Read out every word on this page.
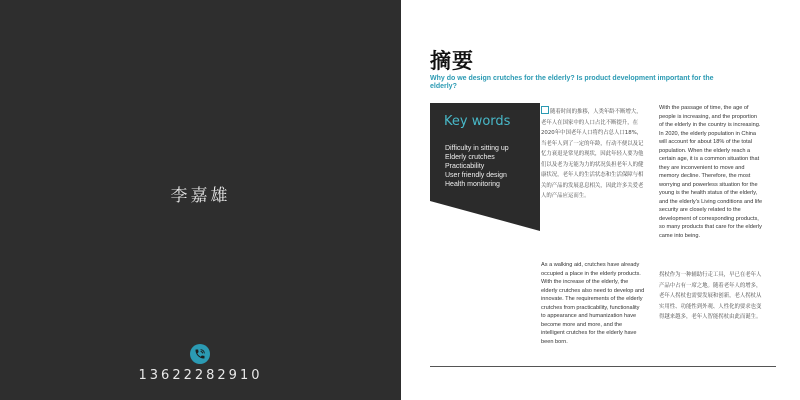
李嘉雄
13622282910
摘要
Why do we design crutches for the elderly? Is product development important for the elderly?
Key words
Difficulty in sitting up
Elderly crutches
Practicability
User friendly design
Health monitoring
随着时间的推移，人类年龄不断增大，老年人在国家中的人口占比不断提升，在2020年中国老年人口将约占总人口18%，当老年人到了一定的年龄，行动不便以及记忆力衰退是常见的现状，因此年轻人要为他们以及老为无能为力的状况负担老年人的健康状况，老年人的生活状态和生活保障与相关的产品的发展息息相关，因此许多关爱老人的产品应运而生。
With the passage of time, the age of people is increasing, and the proportion of the elderly in the country is increasing. In 2020, the elderly population in China will account for about 18% of the total population. When the elderly reach a certain age, it is a common situation that they are inconvenient to move and memory decline. Therefore, the most worrying and powerless situation for the young is the health status of the elderly, and the elderly's Living conditions and life security are closely related to the development of corresponding products, so many products that care for the elderly came into being.
As a walking aid, crutches have already occupied a place in the elderly products. With the increase of the elderly, the elderly crutches also need to develop and innovate. The requirements of the elderly crutches from practicability, functionality to appearance and humanization have become more and more, and the intelligent crutches for the elderly have been born.
拐杖作为一种辅助行走工具，早已在老年人产品中占有一席之地。随着老年人的增多，老年人拐杖也需要发展和创新，老人拐杖从实用性、功能性到外观、人性化的要求也变得越来越多，老年人智能拐杖由此而诞生。
